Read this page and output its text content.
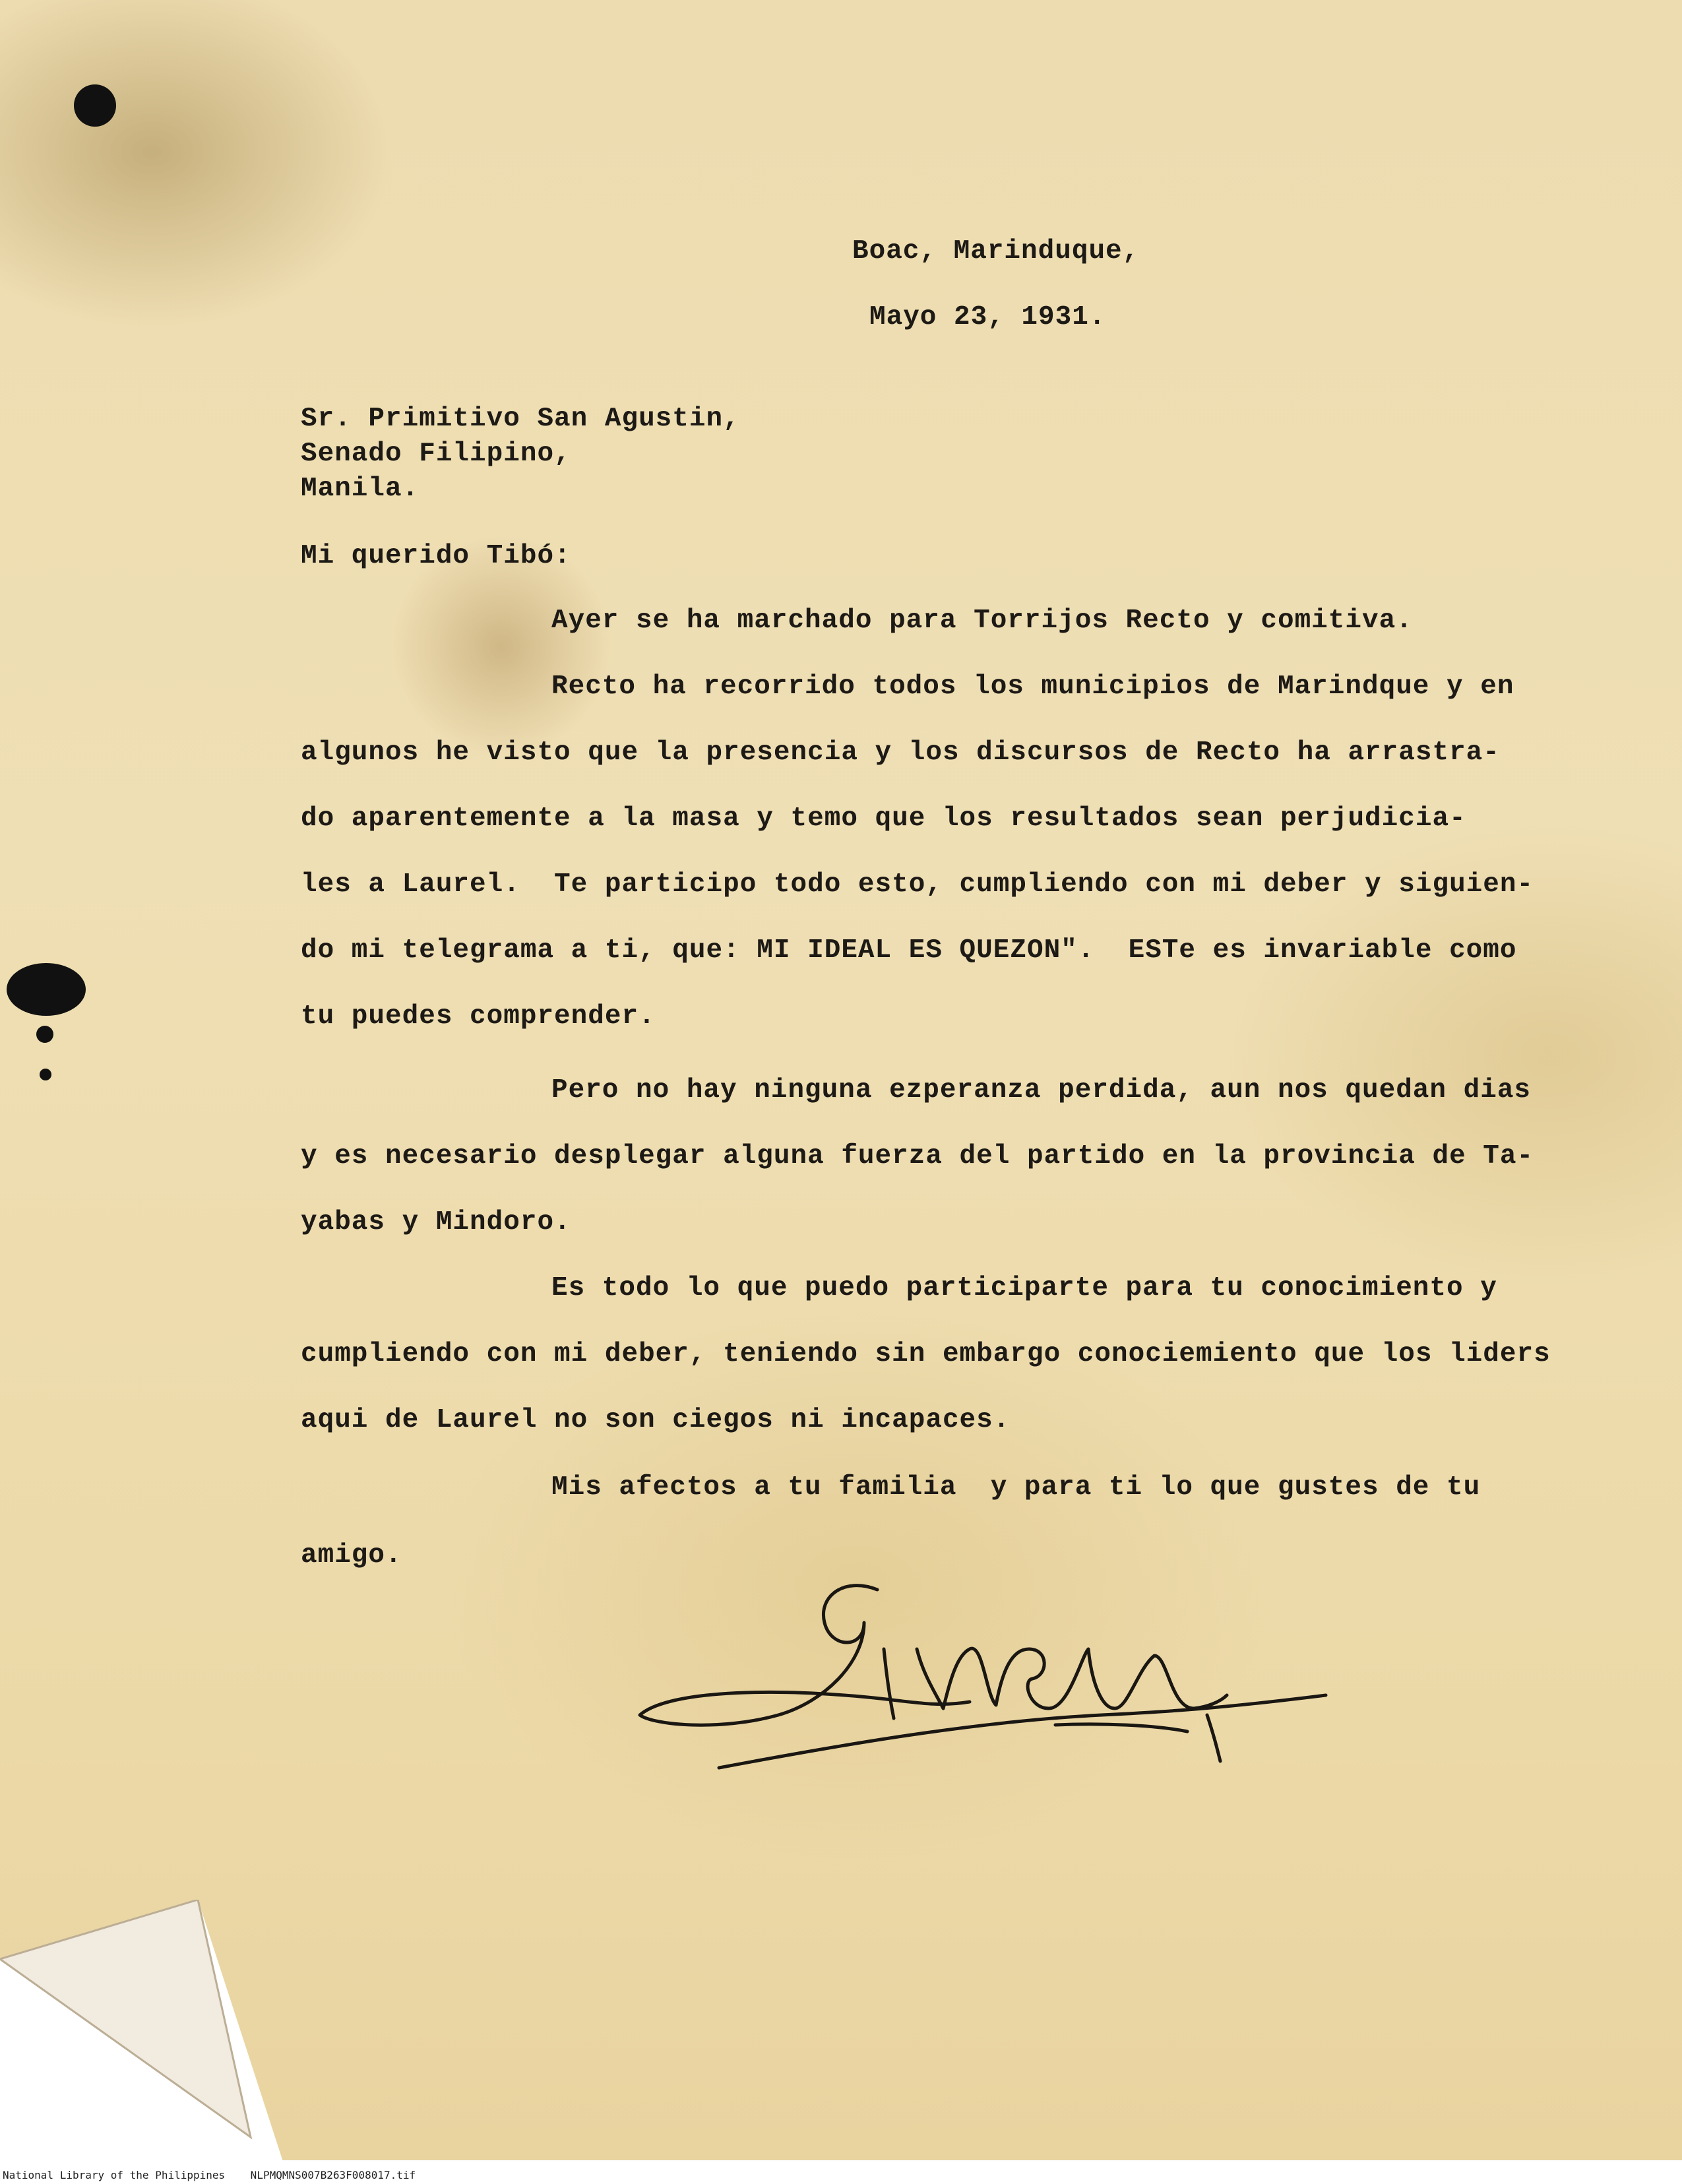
Boac, Marinduque,

Mayo 23, 1931.

Sr. Primitivo San Agustin,

Senado Filipino,

Manila.

Mi querido Tibó:

Ayer se ha marchado para Torrijos Recto y comitiva.

Recto ha recorrido todos los municipios de Marindque y en

algunos he visto que la presencia y los discursos de Recto ha arrastra-

do aparentemente a la masa y temo que los resultados sean perjudicia-

les a Laurel.  Te participo todo esto, cumpliendo con mi deber y siguien-

do mi telegrama a ti, que: MI IDEAL ES QUEZON".  ESTe es invariable como

tu puedes comprender.

Pero no hay ninguna ezperanza perdida, aun nos quedan dias

y es necesario desplegar alguna fuerza del partido en la provincia de Ta-

yabas y Mindoro.

Es todo lo que puedo participarte para tu conocimiento y

cumpliendo con mi deber, teniendo sin embargo conociemiento que los liders

aqui de Laurel no son ciegos ni incapaces.

Mis afectos a tu familia  y para ti lo que gustes de tu

amigo.

National Library of the Philippines    NLPMQMNS007B263F008017.tif
